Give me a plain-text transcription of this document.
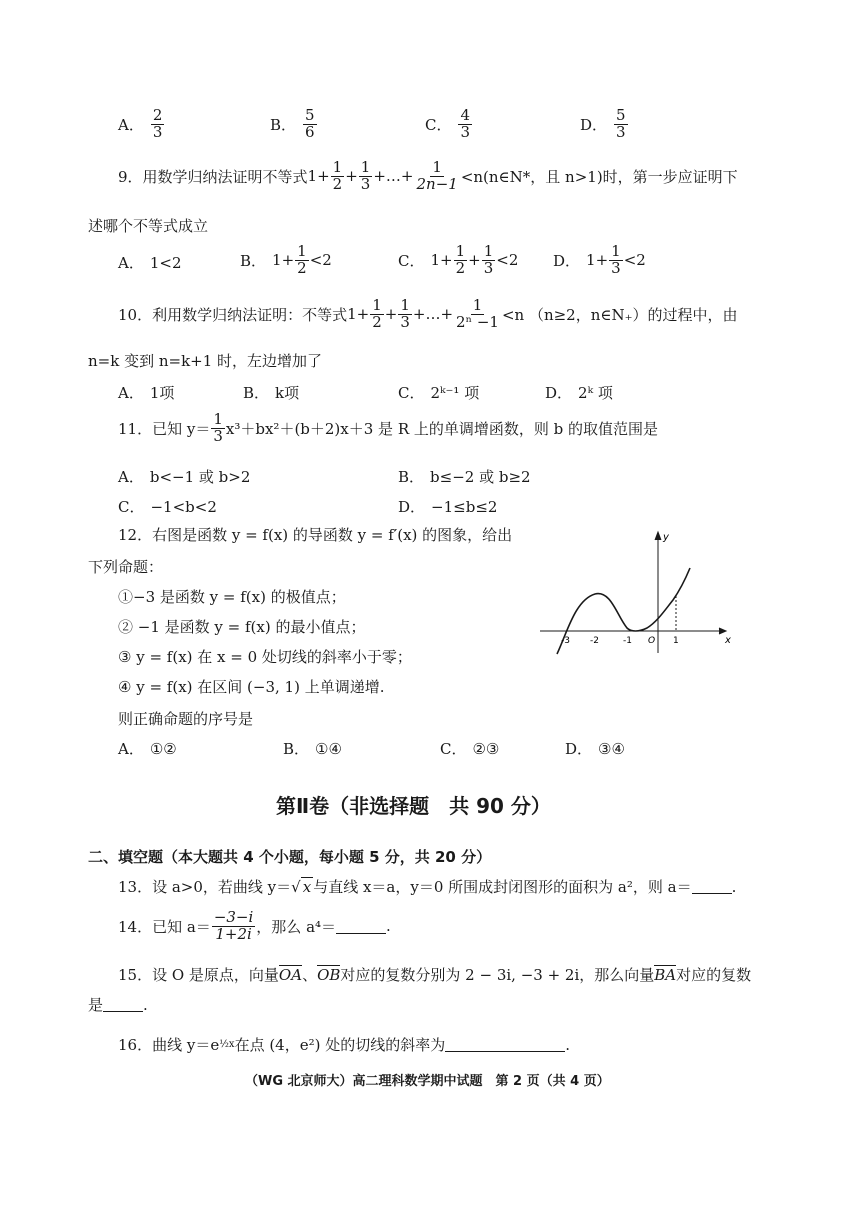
A． $\frac{2}{3}$	B． $\frac{5}{6}$	C． $\frac{4}{3}$	D． $\frac{5}{3}$
9．用数学归纳法证明不等式 $1+ \frac{1}{2} + \frac{1}{3}$ +…+ $\frac{1}{2n-1}$ <n(n∈N*，且 n>1)时，第一步应证明下
述哪个不等式成立
A． 1<2	B． $1+ \frac{1}{2} <2$	C． $1+ \frac{1}{2} + \frac{1}{3} <2$ D． $1+ \frac{1}{3} <2$
10．利用数学归纳法证明：不等式 $1+ \frac{1}{2} + \frac{1}{3}$ +…+ $\frac{1}{\text{2ⁿ −1}} <n$ （n≥2，n∈N₊）的过程中，由
n=k 变到 n=k+1 时，左边增加了
A． 1项	B． k项	C． 2ᵏ⁻¹ 项	D． 2ᵏ 项
11．已知 $y= \frac{1}{3} x^3+bx^2+(b+2)x+3$ 是 R 上的单调增函数，则 b 的取值范围是
A． b<−1 或 b>2	B． b≤−2 或 b≥2
C． −1<b<2	D． −1≤b≤2
12．右图是函数 y = f(x) 的导函数 y = f′(x) 的图象，给出
下列命题：
①−3 是函数 y = f(x) 的极值点；
② −1 是函数 y = f(x) 的最小值点；
③ y = f(x) 在 x = 0 处切线的斜率小于零；
④ y = f(x) 在区间 (−3, 1) 上单调递增.
则正确命题的序号是
A． ①②	B． ①④	C． ②③	D． ③④
y
x
-3 -2	-1 O 1
第Ⅱ卷（非选择题　共 90 分）
二、填空题（本大题共 4 个小题，每小题 5 分，共 20 分）
13．设 a>0，若曲线 y＝ √ x 与直线 x＝a，y＝0 所围成封闭图形的面积为 a²，则 a＝	.
14．已知 $a= \frac{-3-i}{1+2i}$ ，那么 a⁴＝	.
15．设 O 是原点，向量 OA 、 OB 对应的复数分别为 2 − 3i, −3 + 2i，那么向量 BA 对应的复数
是	.
16．曲线 y＝e ½x 在点 (4，e²) 处的切线的斜率为	.
（WG 北京师大）高二理科数学期中试题　第 2 页（共 4 页）
